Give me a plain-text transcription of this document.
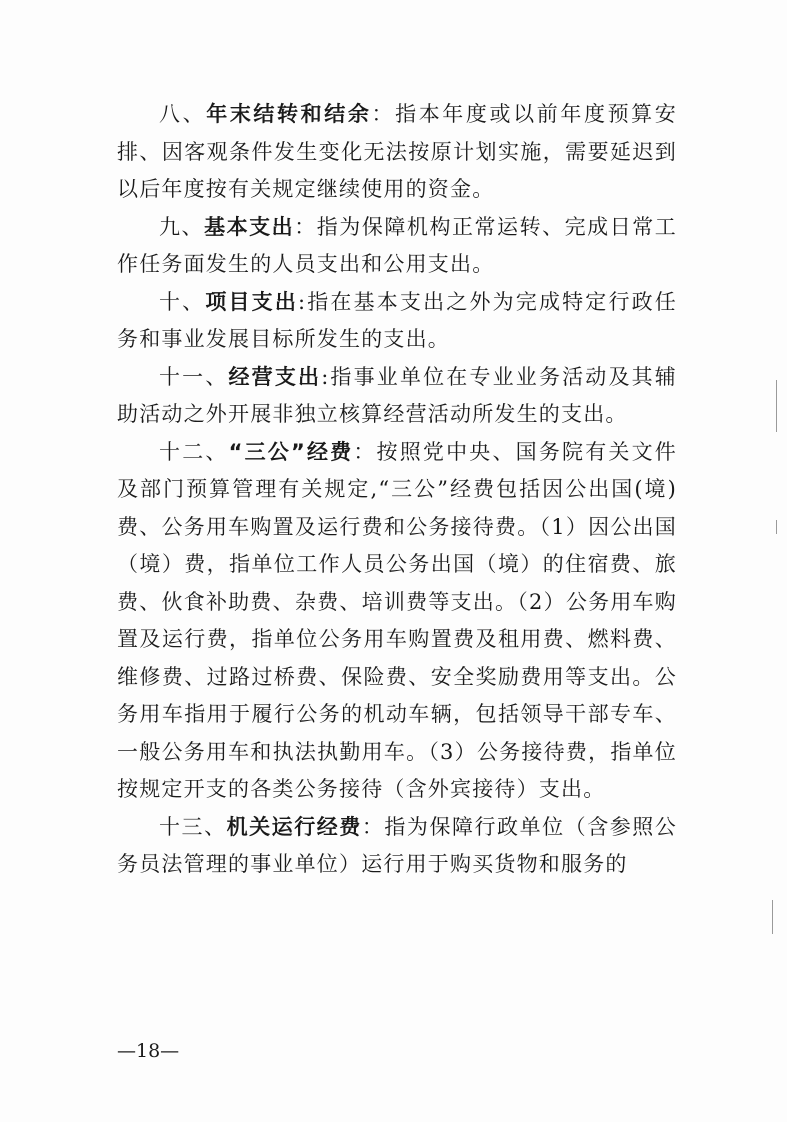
八、年末结转和结余：指本年度或以前年度预算安排、因客观条件发生变化无法按原计划实施，需要延迟到以后年度按有关规定继续使用的资金。

九、基本支出：指为保障机构正常运转、完成日常工作任务面发生的人员支出和公用支出。

十、项目支出:指在基本支出之外为完成特定行政任务和事业发展目标所发生的支出。

十一、经营支出:指事业单位在专业业务活动及其辅助活动之外开展非独立核算经营活动所发生的支出。

十二、“三公”经费：按照党中央、国务院有关文件及部门预算管理有关规定,“三公”经费包括因公出国(境)费、公务用车购置及运行费和公务接待费。（1）因公出国（境）费，指单位工作人员公务出国（境）的住宿费、旅费、伙食补助费、杂费、培训费等支出。（2）公务用车购置及运行费，指单位公务用车购置费及租用费、燃料费、维修费、过路过桥费、保险费、安全奖励费用等支出。公务用车指用于履行公务的机动车辆，包括领导干部专车、一般公务用车和执法执勤用车。（3）公务接待费，指单位按规定开支的各类公务接待（含外宾接待）支出。

十三、机关运行经费：指为保障行政单位（含参照公务员法管理的事业单位）运行用于购买货物和服务的

—18—
